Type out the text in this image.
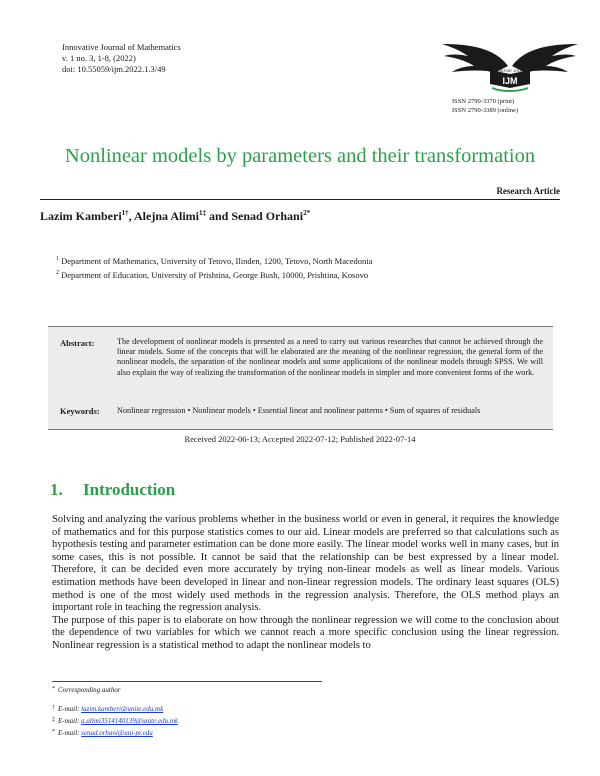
Innovative Journal of Mathematics
v. 1 no. 3, 1-8, (2022)
doi: 10.55059/ijm.2022.1.3/49	INNOVATIVE JOURNAL
IJM
ISSN 2790-3370 (print)
ISSN 2790-3389 (online)
Nonlinear models by parameters and their transformation
Research Article
Lazim Kamberi$^{1\dagger}$, Alejna Alimi$^{1\ddagger}$ and Senad Orhani$^{2*}$
$^1$ Department of Mathematics, University of Tetovo, Ilinden, 1200, Tetovo, North Macedonia
$^2$ Department of Education, University of Prishtina, George Bush, 10000, Prishtina, Kosovo
Abstract:	The development of nonlinear models is presented as a need to carry out various researches that cannot be achieved through the linear models. Some of the concepts that will be elaborated are the meaning of the nonlinear regression, the general form of the nonlinear models, the separation of the nonlinear models and some applications of the nonlinear models through SPSS. We will also explain the way of realizing the transformation of the nonlinear models in simpler and more convenient forms of the work.
Keywords: Nonlinear regression • Nonlinear models • Essential linear and nonlinear patterns • Sum of squares of residuals
Received 2022-06-13; Accepted 2022-07-12; Published 2022-07-14
1. Introduction

Solving and analyzing the various problems whether in the business world or even in general, it requires the knowledge of mathematics and for this purpose statistics comes to our aid. Linear models are preferred so that calculations such as hypothesis testing and parameter estimation can be done more easily. The linear model works well in many cases, but in some cases, this is not possible. It cannot be said that the relationship can be best expressed by a linear model. Therefore, it can be decided even more accurately by trying non-linear models as well as linear models. Various estimation methods have been developed in linear and non-linear regression models. The ordinary least squares (OLS) method is one of the most widely used methods in the regression analysis. Therefore, the OLS method plays an important role in teaching the regression analysis.

The purpose of this paper is to elaborate on how through the nonlinear regression we will come to the conclusion about the dependence of two variables for which we cannot reach a more specific conclusion using the linear regression. Nonlinear regression is a statistical method to adapt the nonlinear models to

* Corresponding author
† E-mail: lazim.kamberi@unite.edu.mk
‡ E-mail: a.alimi3514140139@unite.edu.mk
* E-mail: senad.orhani@uni-pr.edu
